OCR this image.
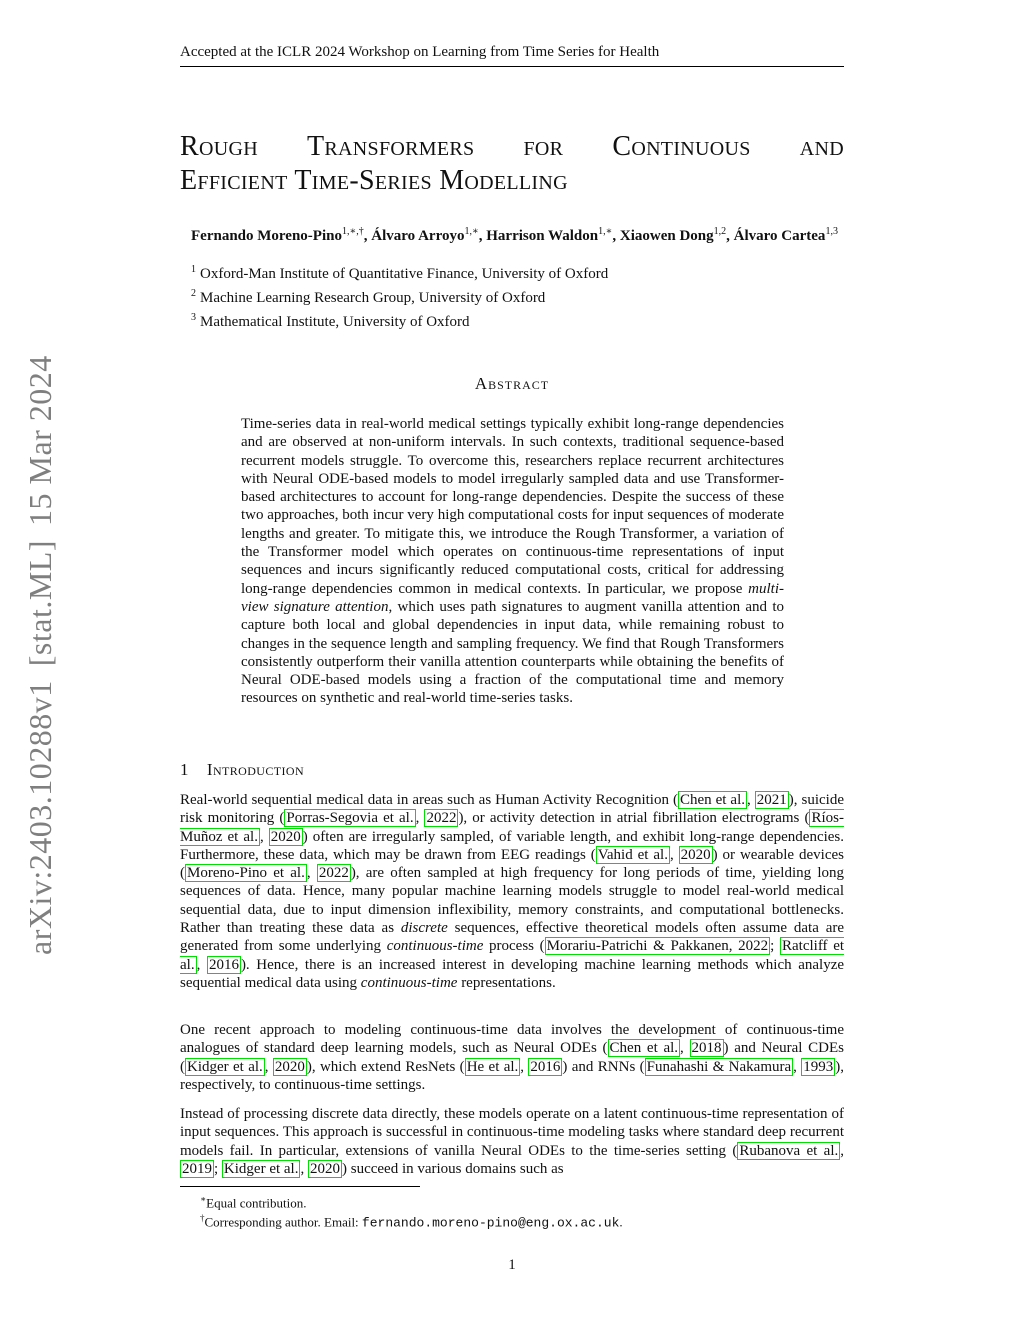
Accepted at the ICLR 2024 Workshop on Learning from Time Series for Health
arXiv:2403.10288v1[stat.ML]15 Mar 2024
Rough Transformers for Continuous and
Efficient Time-Series Modelling
Fernando Moreno-Pino$^{1,∗,\dagger}$, Álvaro Arroyo$^{1,∗}$, Harrison Waldon$^{1,∗}$, Xiaowen Dong$^{1,2}$, Álvaro Cartea$^{1,3}$
$^1$ Oxford-Man Institute of Quantitative Finance, University of Oxford
$^2$ Machine Learning Research Group, University of Oxford
$^3$ Mathematical Institute, University of Oxford
Abstract
Time-series data in real-world medical settings typically exhibit long-range dependencies and are observed at non-uniform intervals. In such contexts, traditional sequence-based recurrent models struggle. To overcome this, researchers replace recurrent architectures with Neural ODE-based models to model irregularly sampled data and use Transformer-based architectures to account for long-range dependencies. Despite the success of these two approaches, both incur very high computational costs for input sequences of moderate lengths and greater. To mitigate this, we introduce the Rough Transformer, a variation of the Transformer model which operates on continuous-time representations of input sequences and incurs significantly reduced computational costs, critical for addressing long-range dependencies common in medical contexts. In particular, we propose multi-view signature attention, which uses path signatures to augment vanilla attention and to capture both local and global dependencies in input data, while remaining robust to changes in the sequence length and sampling frequency. We find that Rough Transformers consistently outperform their vanilla attention counterparts while obtaining the benefits of Neural ODE-based models using a fraction of the computational time and memory resources on synthetic and real-world time-series tasks.
1 Introduction

Real-world sequential medical data in areas such as Human Activity Recognition ( Chen et al. , 2021 ), suicide risk monitoring ( Porras-Segovia et al. , 2022 ), or activity detection in atrial fibrillation electrograms ( Ríos-Muñoz et al. , 2020 ) often are irregularly sampled, of variable length, and exhibit long-range dependencies. Furthermore, these data, which may be drawn from EEG readings ( Vahid et al. , 2020 ) or wearable devices ( Moreno-Pino et al. , 2022 ), are often sampled at high frequency for long periods of time, yielding long sequences of data. Hence, many popular machine learning models struggle to model real-world medical sequential data, due to input dimension inflexibility, memory constraints, and computational bottlenecks. Rather than treating these data as discrete sequences, effective theoretical models often assume data are generated from some underlying continuous-time process ( Morariu-Patrichi & Pakkanen, 2022 ; Ratcliff et al. , 2016 ). Hence, there is an increased interest in developing machine learning methods which analyze sequential medical data using continuous-time representations.

One recent approach to modeling continuous-time data involves the development of continuous-time analogues of standard deep learning models, such as Neural ODEs ( Chen et al. , 2018 ) and Neural CDEs ( Kidger et al. , 2020 ), which extend ResNets ( He et al. , 2016 ) and RNNs ( Funahashi & Nakamura , 1993 ), respectively, to continuous-time settings.

Instead of processing discrete data directly, these models operate on a latent continuous-time representation of input sequences. This approach is successful in continuous-time modeling tasks where standard deep recurrent models fail. In particular, extensions of vanilla Neural ODEs to the time-series setting ( Rubanova et al. , 2019 ; Kidger et al. , 2020 ) succeed in various domains such as

∗Equal contribution.
†Corresponding author. Email: fernando.moreno-pino@eng.ox.ac.uk.
1
